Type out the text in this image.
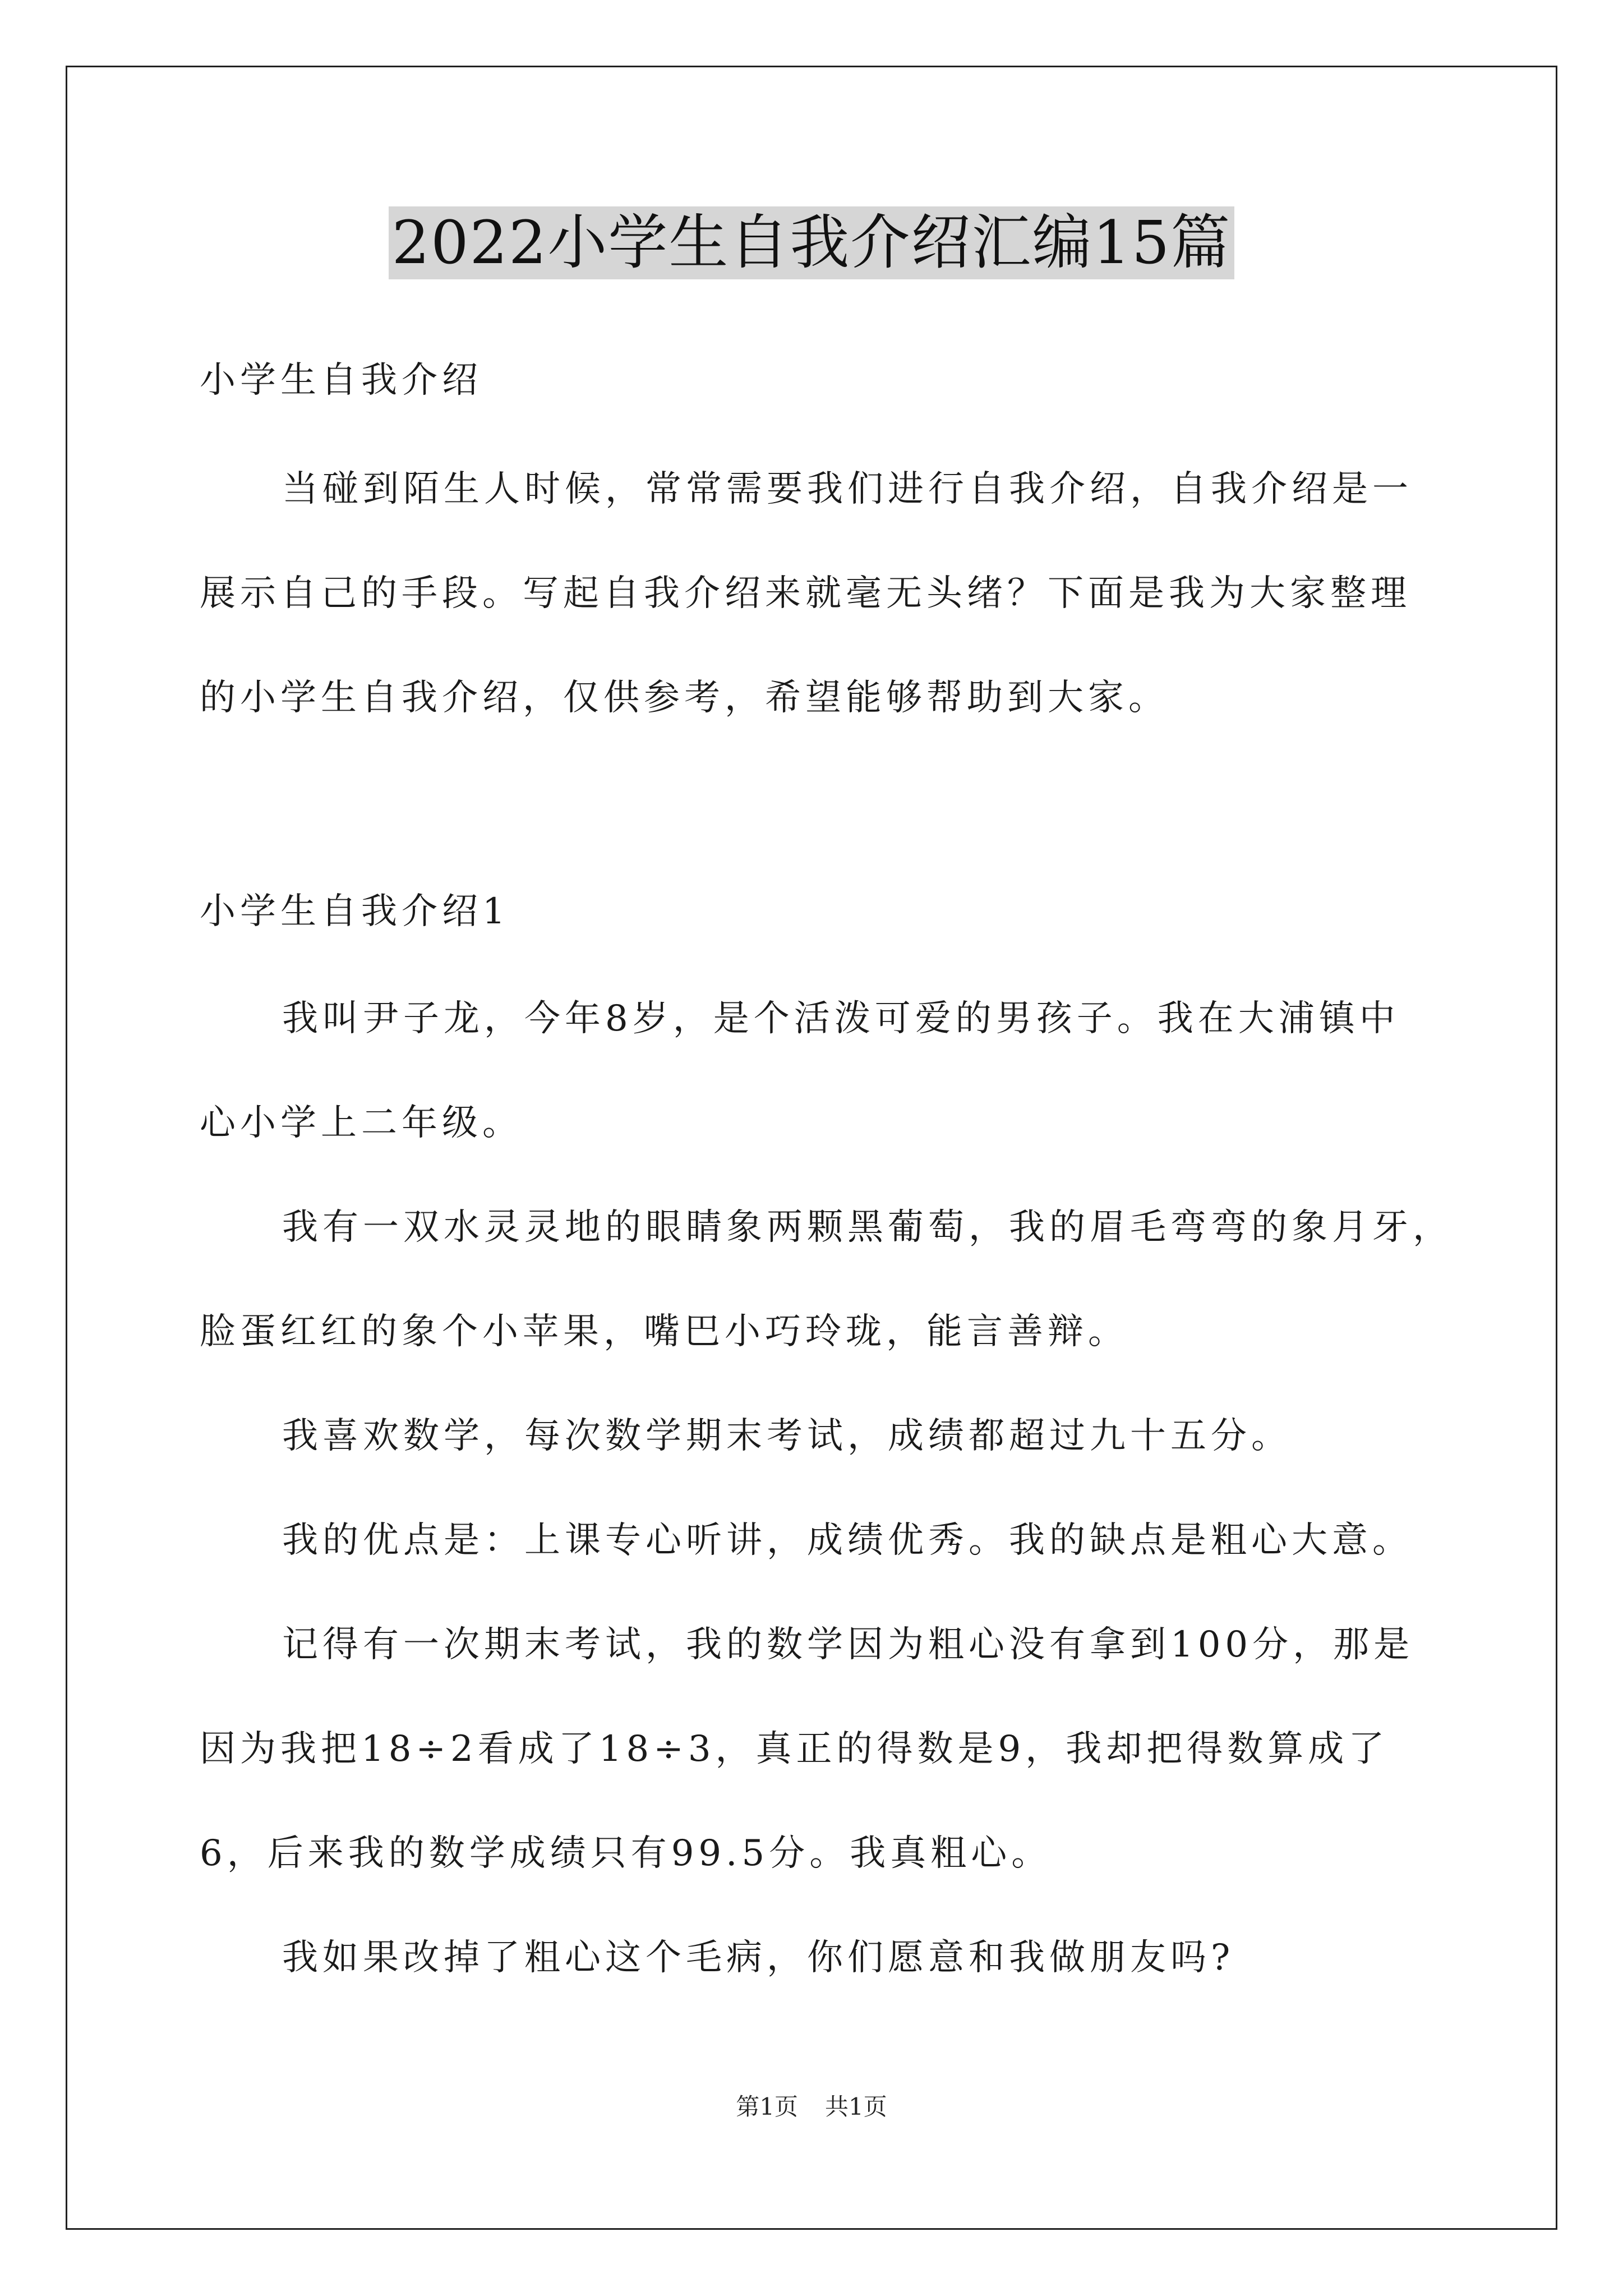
2022小学生自我介绍汇编15篇
小学生自我介绍
当碰到陌生人时候，常常需要我们进行自我介绍，自我介绍是一
展示自己的手段。写起自我介绍来就毫无头绪？下面是我为大家整理
的小学生自我介绍，仅供参考，希望能够帮助到大家。
小学生自我介绍1
我叫尹子龙，今年8岁，是个活泼可爱的男孩子。我在大浦镇中
心小学上二年级。
我有一双水灵灵地的眼睛象两颗黑葡萄，我的眉毛弯弯的象月牙，
脸蛋红红的象个小苹果，嘴巴小巧玲珑，能言善辩。
我喜欢数学，每次数学期末考试，成绩都超过九十五分。
我的优点是：上课专心听讲，成绩优秀。我的缺点是粗心大意。
记得有一次期末考试，我的数学因为粗心没有拿到100分，那是
因为我把18÷2看成了18÷3，真正的得数是9，我却把得数算成了
6，后来我的数学成绩只有99.5分。我真粗心。
我如果改掉了粗心这个毛病，你们愿意和我做朋友吗?
第1页 共1页
